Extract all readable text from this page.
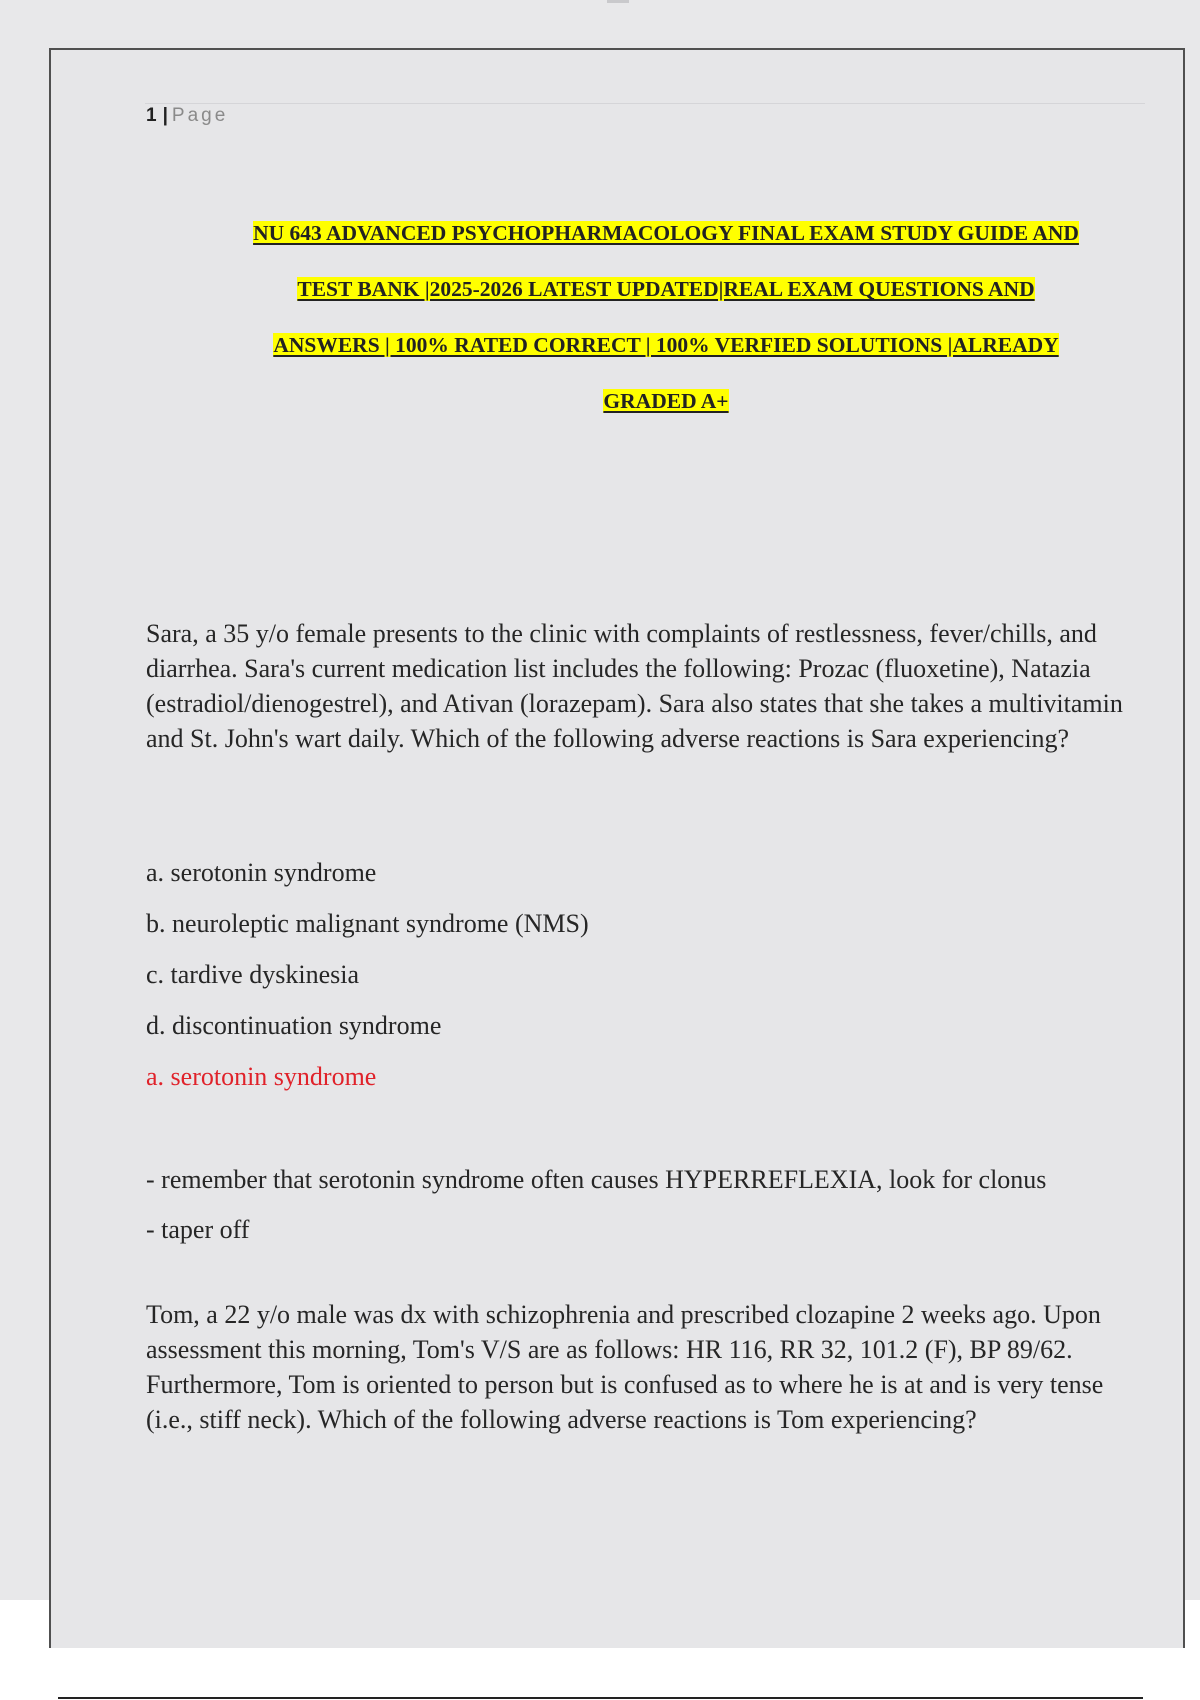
1 | Page
NU 643 ADVANCED PSYCHOPHARMACOLOGY FINAL EXAM STUDY GUIDE AND
TEST BANK |2025-2026 LATEST UPDATED|REAL EXAM QUESTIONS AND
ANSWERS | 100% RATED CORRECT | 100% VERFIED SOLUTIONS |ALREADY
GRADED A+
Sara, a 35 y/o female presents to the clinic with complaints of restlessness, fever/chills, and diarrhea. Sara's current medication list includes the following: Prozac (fluoxetine), Natazia (estradiol/dienogestrel), and Ativan (lorazepam). Sara also states that she takes a multivitamin and St. John's wart daily. Which of the following adverse reactions is Sara experiencing?
a. serotonin syndrome
b. neuroleptic malignant syndrome (NMS)
c. tardive dyskinesia
d. discontinuation syndrome
a. serotonin syndrome
- remember that serotonin syndrome often causes HYPERREFLEXIA, look for clonus
- taper off
Tom, a 22 y/o male was dx with schizophrenia and prescribed clozapine 2 weeks ago. Upon assessment this morning, Tom's V/S are as follows: HR 116, RR 32, 101.2 (F), BP 89/62. Furthermore, Tom is oriented to person but is confused as to where he is at and is very tense (i.e., stiff neck). Which of the following adverse reactions is Tom experiencing?
